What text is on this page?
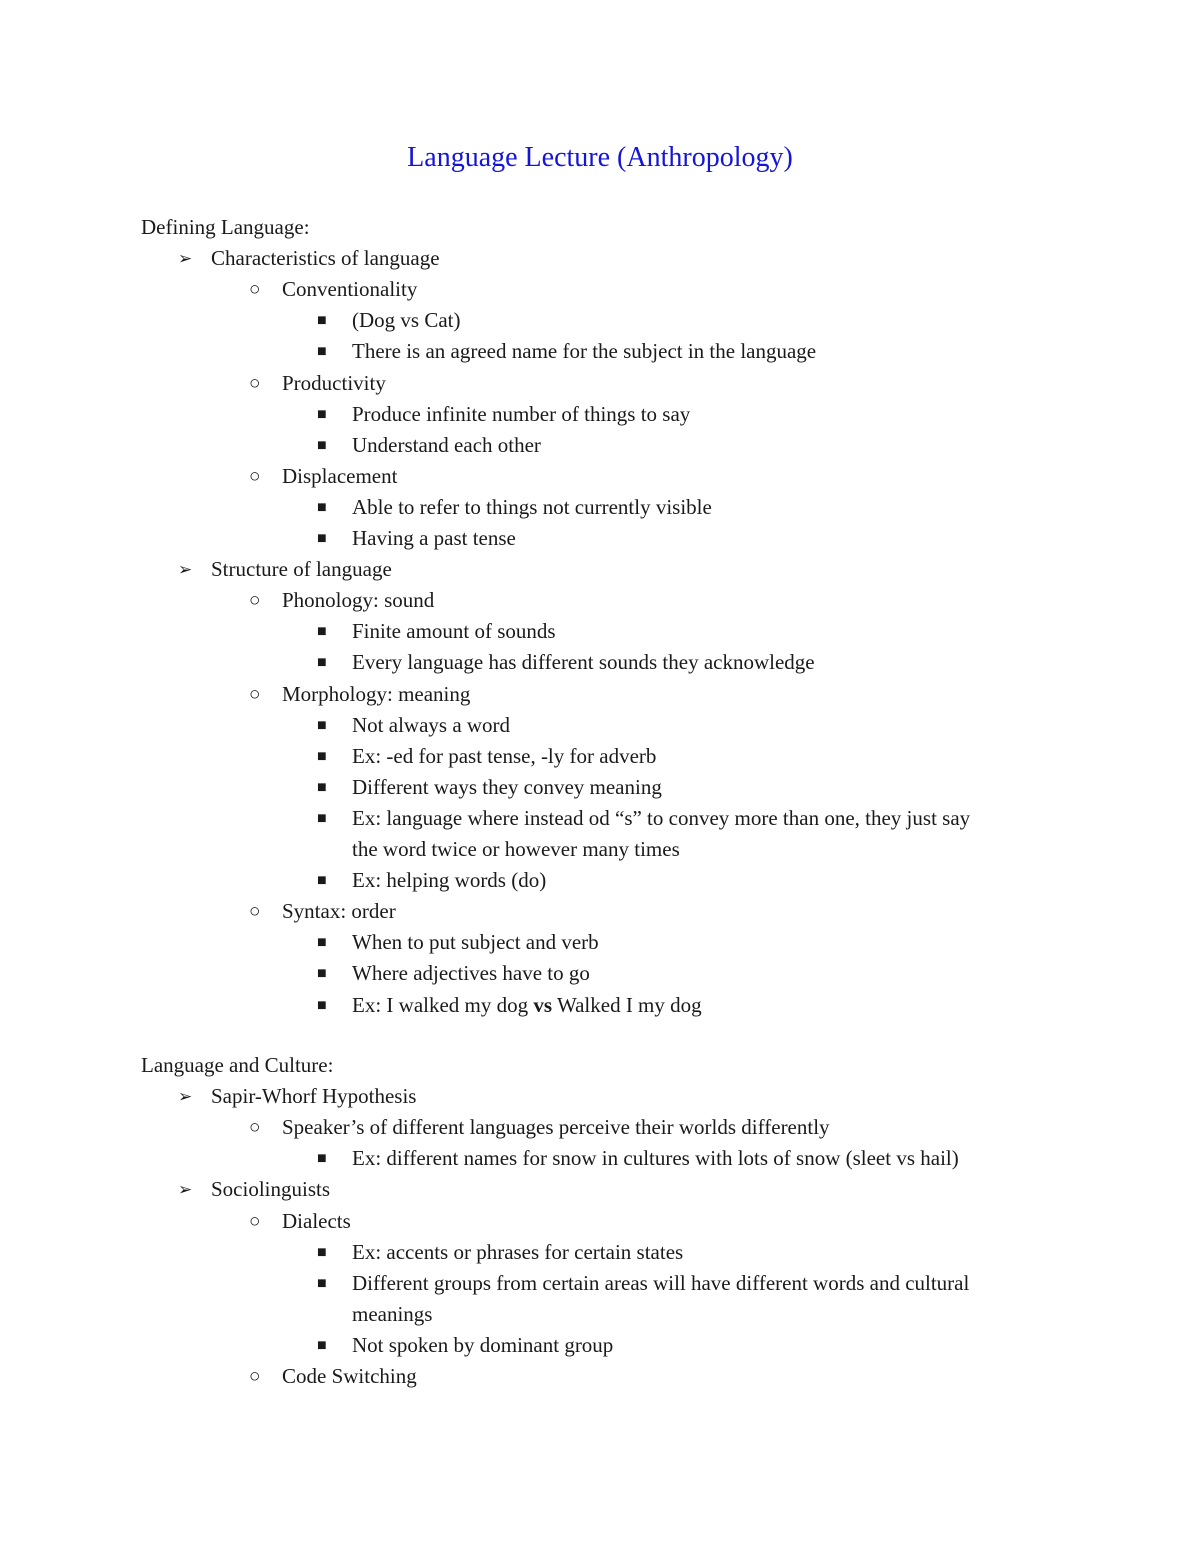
Language Lecture (Anthropology)
Defining Language:
➢ Characteristics of language
○ Conventionality
■ (Dog vs Cat)
■ There is an agreed name for the subject in the language
○ Productivity
■ Produce infinite number of things to say
■ Understand each other
○ Displacement
■ Able to refer to things not currently visible
■ Having a past tense
➢ Structure of language
○ Phonology: sound
■ Finite amount of sounds
■ Every language has different sounds they acknowledge
○ Morphology: meaning
■ Not always a word
■ Ex: -ed for past tense, -ly for adverb
■ Different ways they convey meaning
■ Ex: language where instead od “s” to convey more than one, they just say
the word twice or however many times
■ Ex: helping words (do)
○ Syntax: order
■ When to put subject and verb
■ Where adjectives have to go
■ Ex: I walked my dog vs Walked I my dog
Language and Culture:
➢ Sapir-Whorf Hypothesis
○ Speaker’s of different languages perceive their worlds differently
■ Ex: different names for snow in cultures with lots of snow (sleet vs hail)
➢ Sociolinguists
○ Dialects
■ Ex: accents or phrases for certain states
■ Different groups from certain areas will have different words and cultural
meanings
■ Not spoken by dominant group
○ Code Switching
